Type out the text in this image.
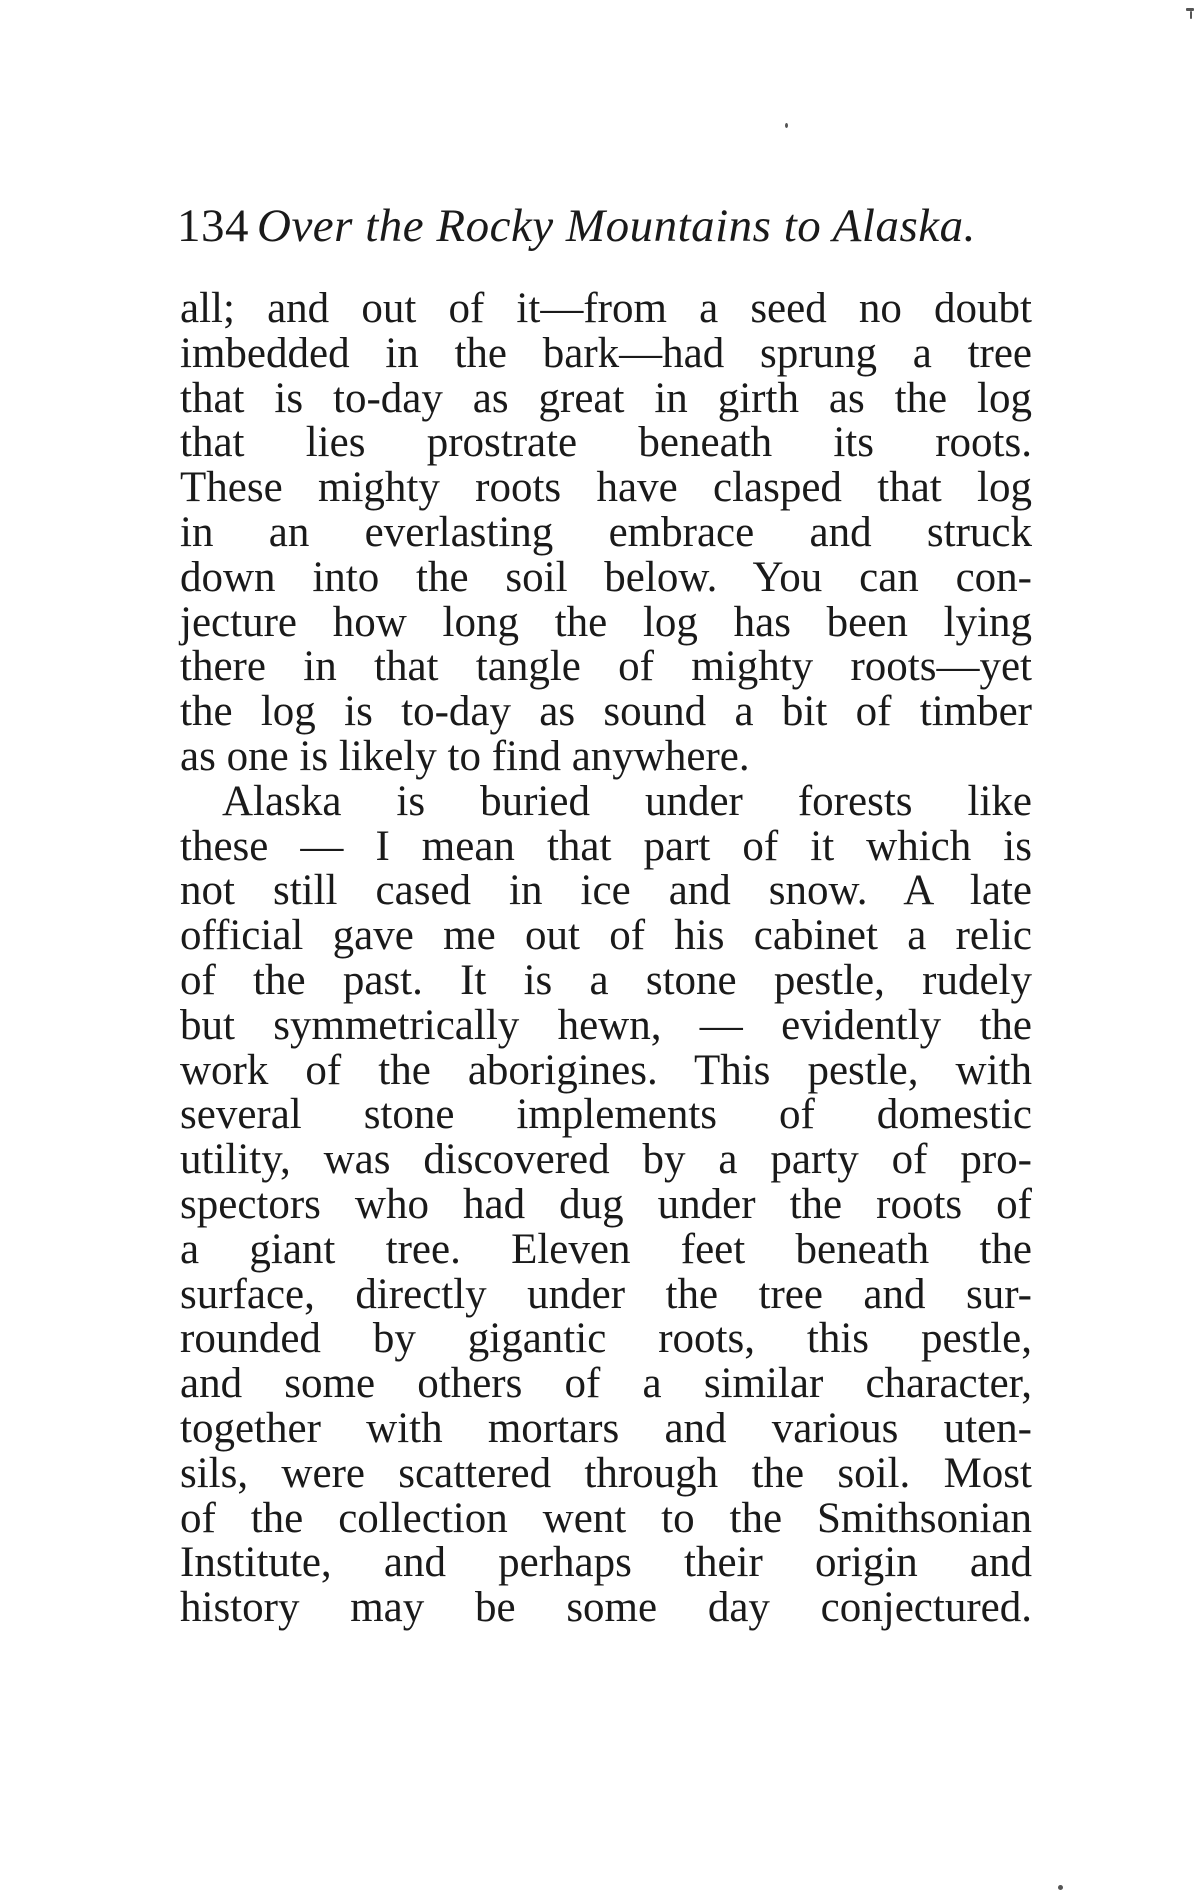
134 Over the Rocky Mountains to Alaska.
all; and out of it—from a seed no doubt
imbedded in the bark—had sprung a tree
that is to-day as great in girth as the log
that lies prostrate beneath its roots.
These mighty roots have clasped that log
in an everlasting embrace and struck
down into the soil below. You can con-
jecture how long the log has been lying
there in that tangle of mighty roots—yet
the log is to-day as sound a bit of timber
as one is likely to find anywhere.
Alaska is buried under forests like
these — I mean that part of it which is
not still cased in ice and snow. A late
official gave me out of his cabinet a relic
of the past. It is a stone pestle, rudely
but symmetrically hewn, — evidently the
work of the aborigines. This pestle, with
several stone implements of domestic
utility, was discovered by a party of pro-
spectors who had dug under the roots of
a giant tree. Eleven feet beneath the
surface, directly under the tree and sur-
rounded by gigantic roots, this pestle,
and some others of a similar character,
together with mortars and various uten-
sils, were scattered through the soil. Most
of the collection went to the Smithsonian
Institute, and perhaps their origin and
history may be some day conjectured.
